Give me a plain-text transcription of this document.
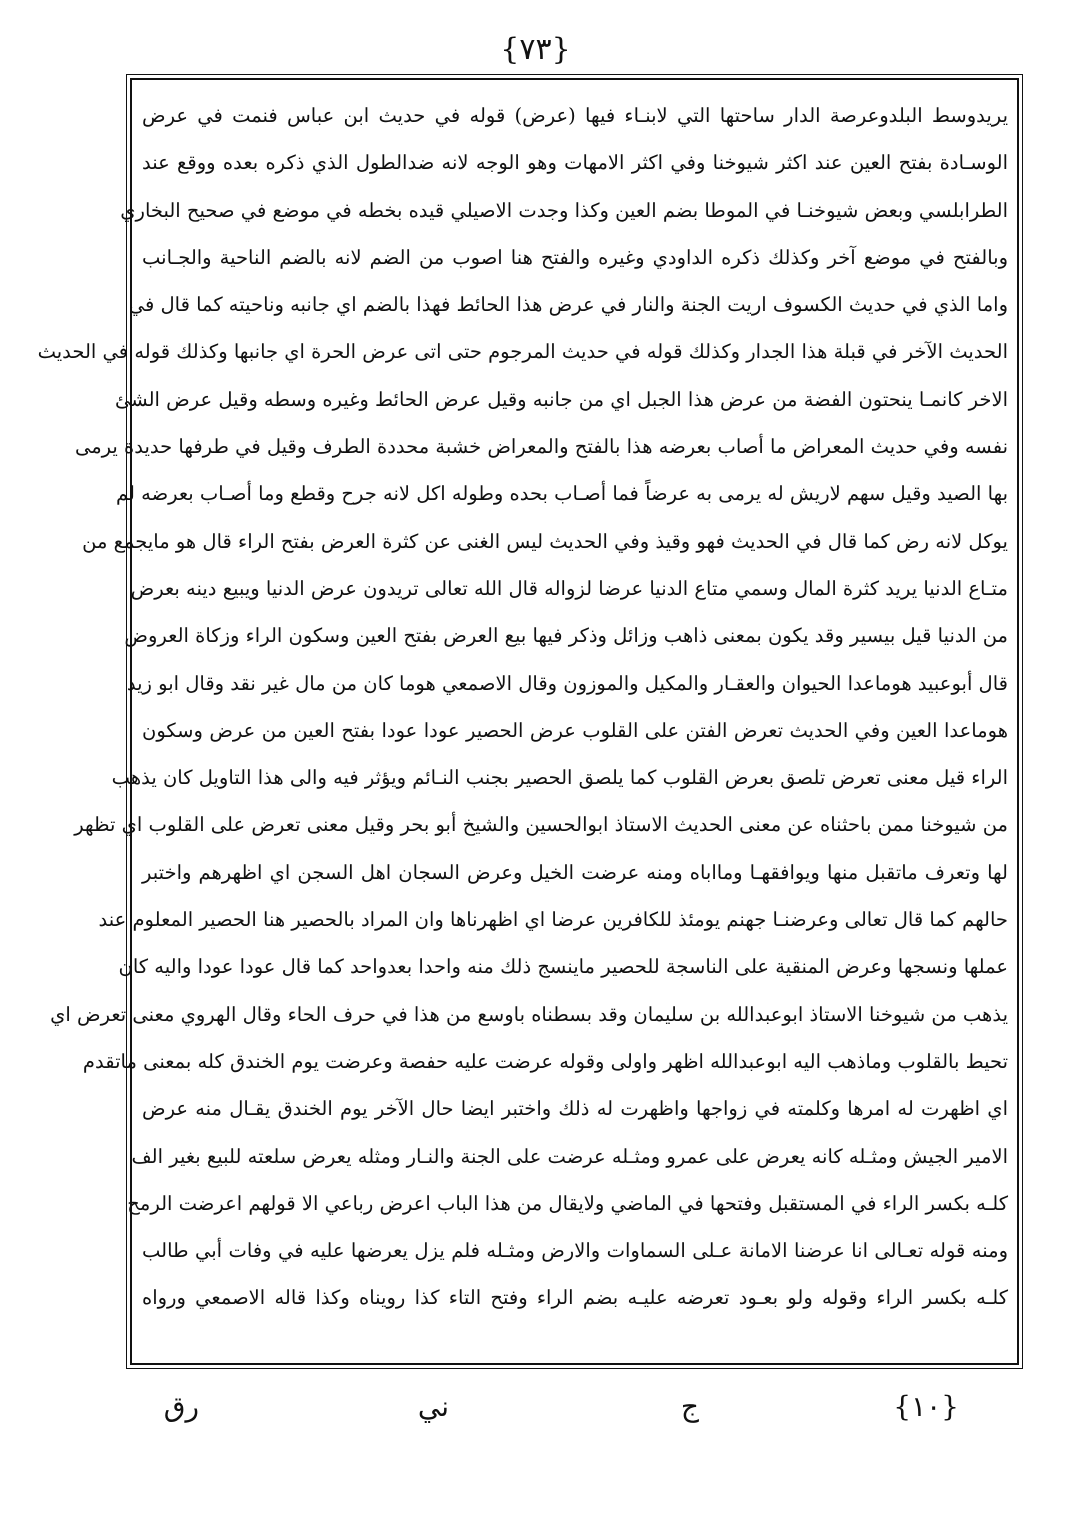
{٧٣}
يريدوسط البلدوعرصة الدار ساحتها التي لابنـاء فيها (عرض) قوله في حديث ابن عباس فنمت في عرض
الوسـادة بفتح العين عند اكثر شيوخنا وفي اكثر الامهات وهو الوجه لانه ضدالطول الذي ذكره بعده ووقع عند
الطرابلسي وبعض شيوخنـا في الموطا بضم العين وكذا وجدت الاصيلي قيده بخطه في موضع في صحيح البخاري
وبالفتح في موضع آخر وكذلك ذكره الداودي وغيره والفتح هنا اصوب من الضم لانه بالضم الناحية والجـانب
واما الذي في حديث الكسوف اريت الجنة والنار في عرض هذا الحائط فهذا بالضم اي جانبه وناحيته كما قال في
الحديث الآخر في قبلة هذا الجدار وكذلك قوله في حديث المرجوم حتى اتى عرض الحرة اي جانبها وكذلك قوله في الحديث
الاخر كانمـا ينحتون الفضة من عرض هذا الجبل اي من جانبه وقيل عرض الحائط وغيره وسطه وقيل عرض الشئ
نفسه وفي حديث المعراض ما أصاب بعرضه هذا بالفتح والمعراض خشبة محددة الطرف وقيل في طرفها حديدة يرمى
بها الصيد وقيل سهم لاريش له يرمى به عرضاً فما أصـاب بحده وطوله اكل لانه جرح وقطع وما أصـاب بعرضه لم
يوكل لانه رض كما قال في الحديث فهو وقيذ وفي الحديث ليس الغنى عن كثرة العرض بفتح الراء قال هو مايجمع من
متـاع الدنيا يريد كثرة المال وسمي متاع الدنيا عرضا لزواله قال الله تعالى تريدون عرض الدنيا ويبيع دينه بعرض
من الدنيا قيل بيسير وقد يكون بمعنى ذاهب وزائل وذكر فيها بيع العرض بفتح العين وسكون الراء وزكاة العروض
قال أبوعبيد هوماعدا الحيوان والعقـار والمكيل والموزون وقال الاصمعي هوما كان من مال غير نقد وقال ابو زيد
هوماعدا العين وفي الحديث تعرض الفتن على القلوب عرض الحصير عودا عودا بفتح العين من عرض وسكون
الراء قيل معنى تعرض تلصق بعرض القلوب كما يلصق الحصير بجنب النـائم ويؤثر فيه والى هذا التاويل كان يذهب
من شيوخنا ممن باحثناه عن معنى الحديث الاستاذ ابوالحسين والشيخ أبو بحر وقيل معنى تعرض على القلوب اي تظهر
لها وتعرف ماتقبل منها ويوافقهـا ومااباه ومنه عرضت الخيل وعرض السجان اهل السجن اي اظهرهم واختبر
حالهم كما قال تعالى وعرضنـا جهنم يومئذ للكافرين عرضا اي اظهرناها وان المراد بالحصير هنا الحصير المعلوم عند
عملها ونسجها وعرض المنقية على الناسجة للحصير ماينسج ذلك منه واحدا بعدواحد كما قال عودا عودا واليه كان
يذهب من شيوخنا الاستاذ ابوعبدالله بن سليمان وقد بسطناه باوسع من هذا في حرف الحاء وقال الهروي معنى تعرض اي
تحيط بالقلوب وماذهب اليه ابوعبدالله اظهر واولى وقوله عرضت عليه حفصة وعرضت يوم الخندق كله بمعنى ماتقدم
اي اظهرت له امرها وكلمته في زواجها واظهرت له ذلك واختبر ايضا حال الآخر يوم الخندق يقـال منه عرض
الامير الجيش ومثـله كانه يعرض على عمرو ومثـله عرضت على الجنة والنـار ومثله يعرض سلعته للبيع بغير الف
كلـه بكسر الراء في المستقبل وفتحها في الماضي ولايقال من هذا الباب اعرض رباعي الا قولهم اعرضت الرمح
ومنه قوله تعـالى انا عرضنا الامانة عـلى السماوات والارض ومثـله فلم يزل يعرضها عليه في وفات أبي طالب
كلـه بكسر الراء وقوله ولو بعـود تعرضه عليـه بضم الراء وفتح التاء كذا رويناه وكذا قاله الاصمعي ورواه
{١٠}
ج
ني
رق
